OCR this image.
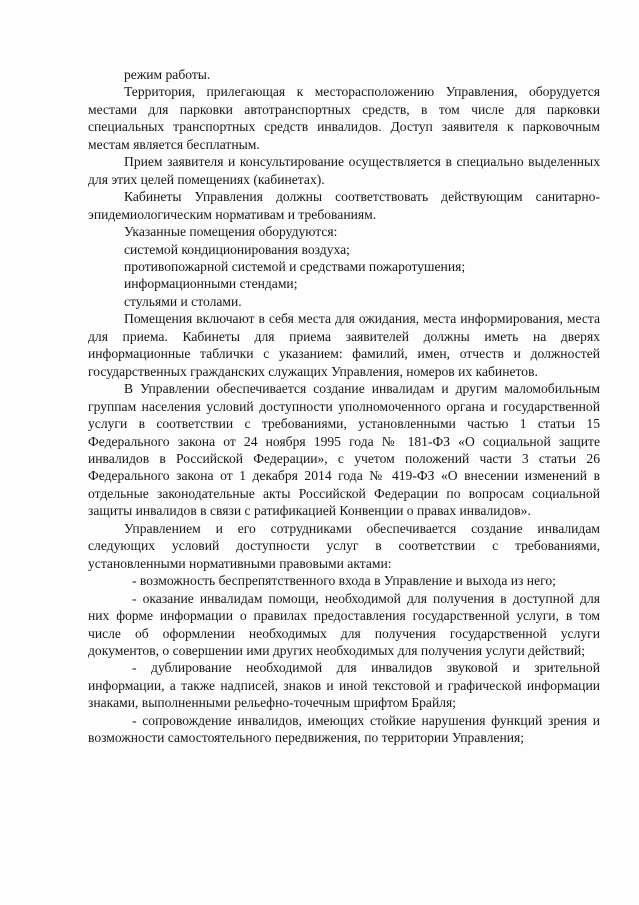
режим работы.

Территория, прилегающая к месторасположению Управления, оборудуется местами для парковки автотранспортных средств, в том числе для парковки специальных транспортных средств инвалидов. Доступ заявителя к парковочным местам является бесплатным.

Прием заявителя и консультирование осуществляется в специально выделенных для этих целей помещениях (кабинетах).

Кабинеты Управления должны соответствовать действующим санитарно-эпидемиологическим нормативам и требованиям.

Указанные помещения оборудуются:

системой кондиционирования воздуха;

противопожарной системой и средствами пожаротушения;

информационными стендами;

стульями и столами.

Помещения включают в себя места для ожидания, места информирования, места для приема. Кабинеты для приема заявителей должны иметь на дверях информационные таблички с указанием: фамилий, имен, отчеств и должностей государственных гражданских служащих Управления, номеров их кабинетов.

В Управлении обеспечивается создание инвалидам и другим маломобильным группам населения условий доступности уполномоченного органа и государственной услуги в соответствии с требованиями, установленными частью 1 статьи 15 Федерального закона от 24 ноября 1995 года № 181-ФЗ «О социальной защите инвалидов в Российской Федерации», с учетом положений части 3 статьи 26 Федерального закона от 1 декабря 2014 года № 419-ФЗ «О внесении изменений в отдельные законодательные акты Российской Федерации по вопросам социальной защиты инвалидов в связи с ратификацией Конвенции о правах инвалидов».

Управлением и его сотрудниками обеспечивается создание инвалидам следующих условий доступности услуг в соответствии с требованиями, установленными нормативными правовыми актами:

- возможность беспрепятственного входа в Управление и выхода из него;

- оказание инвалидам помощи, необходимой для получения в доступной для них форме информации о правилах предоставления государственной услуги, в том числе об оформлении необходимых для получения государственной услуги документов, о совершении ими других необходимых для получения услуги действий;

- дублирование необходимой для инвалидов звуковой и зрительной информации, а также надписей, знаков и иной текстовой и графической информации знаками, выполненными рельефно-точечным шрифтом Брайля;

- сопровождение инвалидов, имеющих стойкие нарушения функций зрения и возможности самостоятельного передвижения, по территории Управления;
